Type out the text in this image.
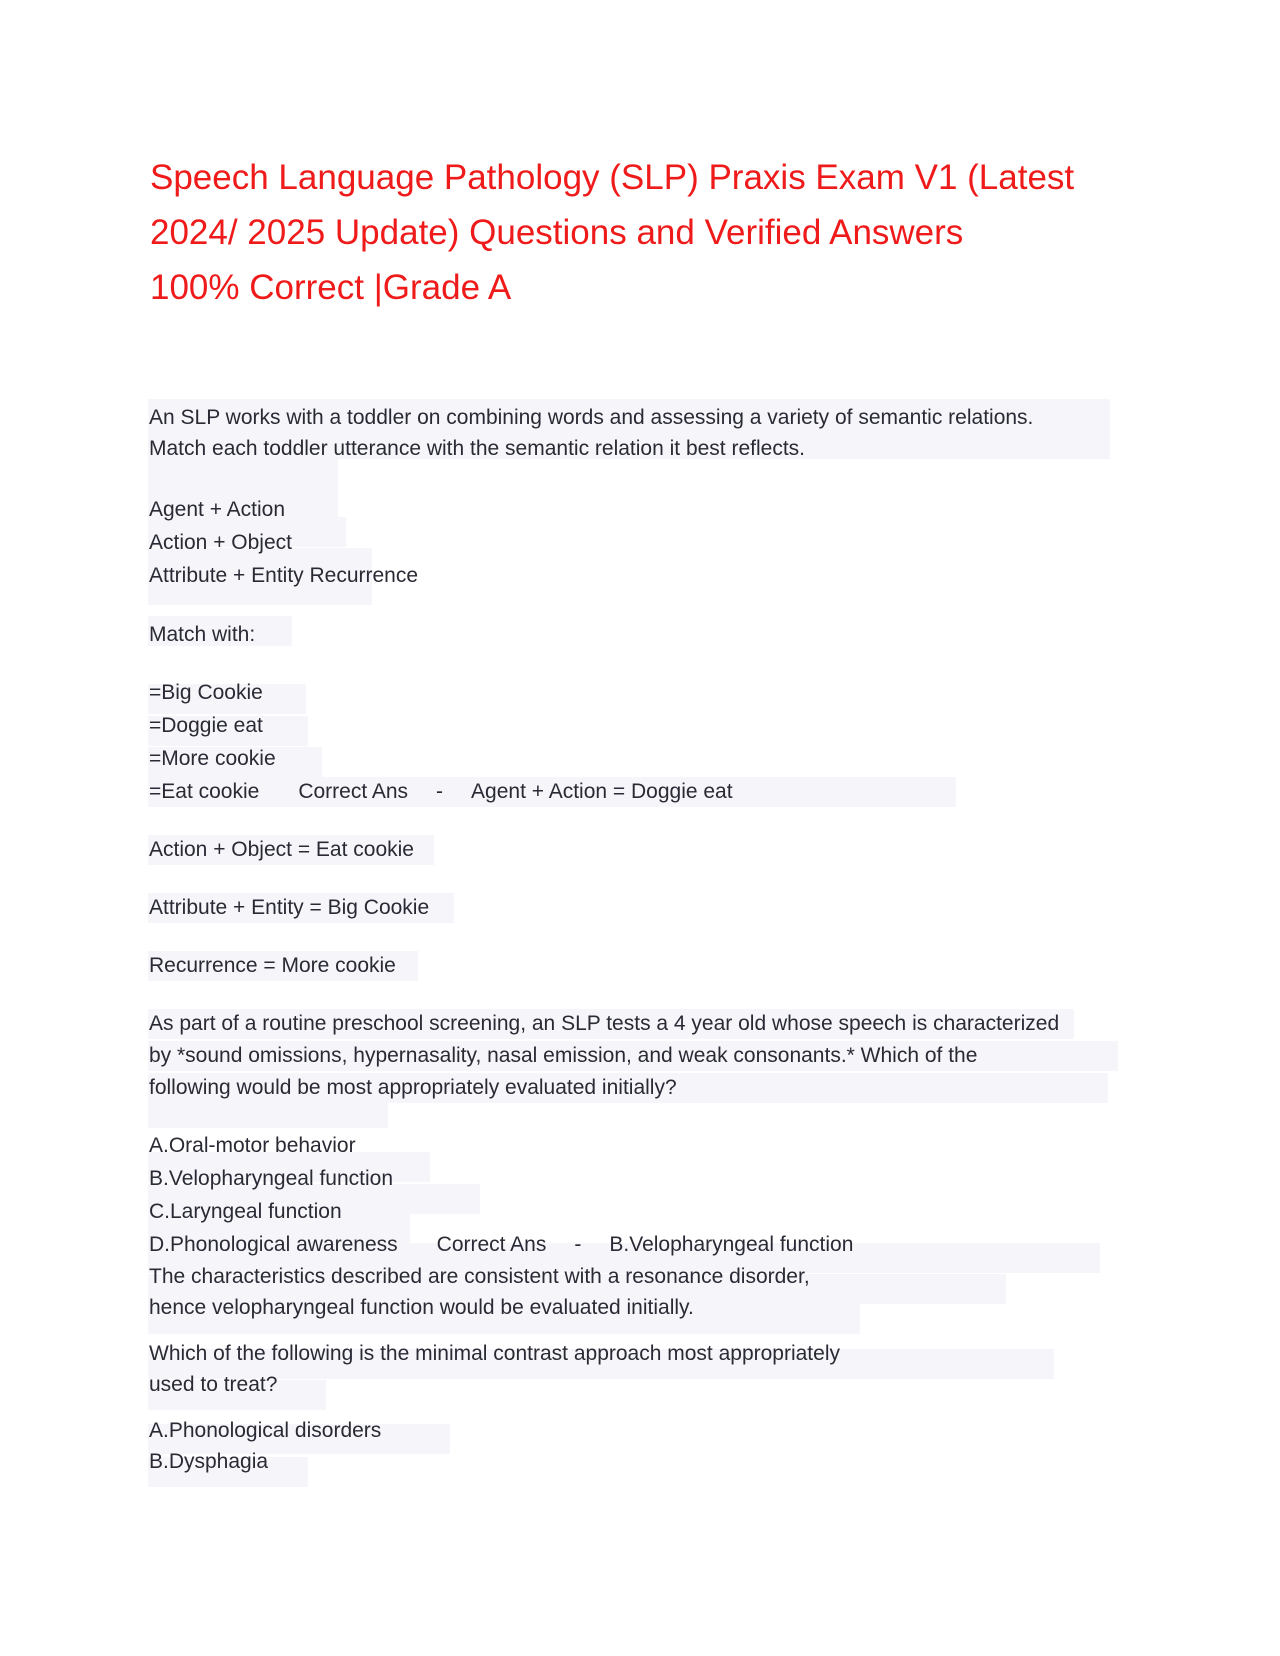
Speech Language Pathology (SLP) Praxis Exam V1 (Latest
2024/ 2025 Update) Questions and Verified Answers
100% Correct |Grade A
An SLP works with a toddler on combining words and assessing a variety of semantic relations.
Match each toddler utterance with the semantic relation it best reflects.
Agent + Action
Action + Object
Attribute + Entity Recurrence
Match with:
=Big Cookie
=Doggie eat
=More cookie
=Eat cookie Correct Ans - Agent + Action = Doggie eat
Action + Object = Eat cookie
Attribute + Entity = Big Cookie
Recurrence = More cookie
As part of a routine preschool screening, an SLP tests a 4 year old whose speech is characterized
by *sound omissions, hypernasality, nasal emission, and weak consonants.* Which of the
following would be most appropriately evaluated initially?
A.Oral-motor behavior
B.Velopharyngeal function
C.Laryngeal function
D.Phonological awareness Correct Ans - B.Velopharyngeal function
The characteristics described are consistent with a resonance disorder,
hence velopharyngeal function would be evaluated initially.
Which of the following is the minimal contrast approach most appropriately
used to treat?
A.Phonological disorders
B.Dysphagia
